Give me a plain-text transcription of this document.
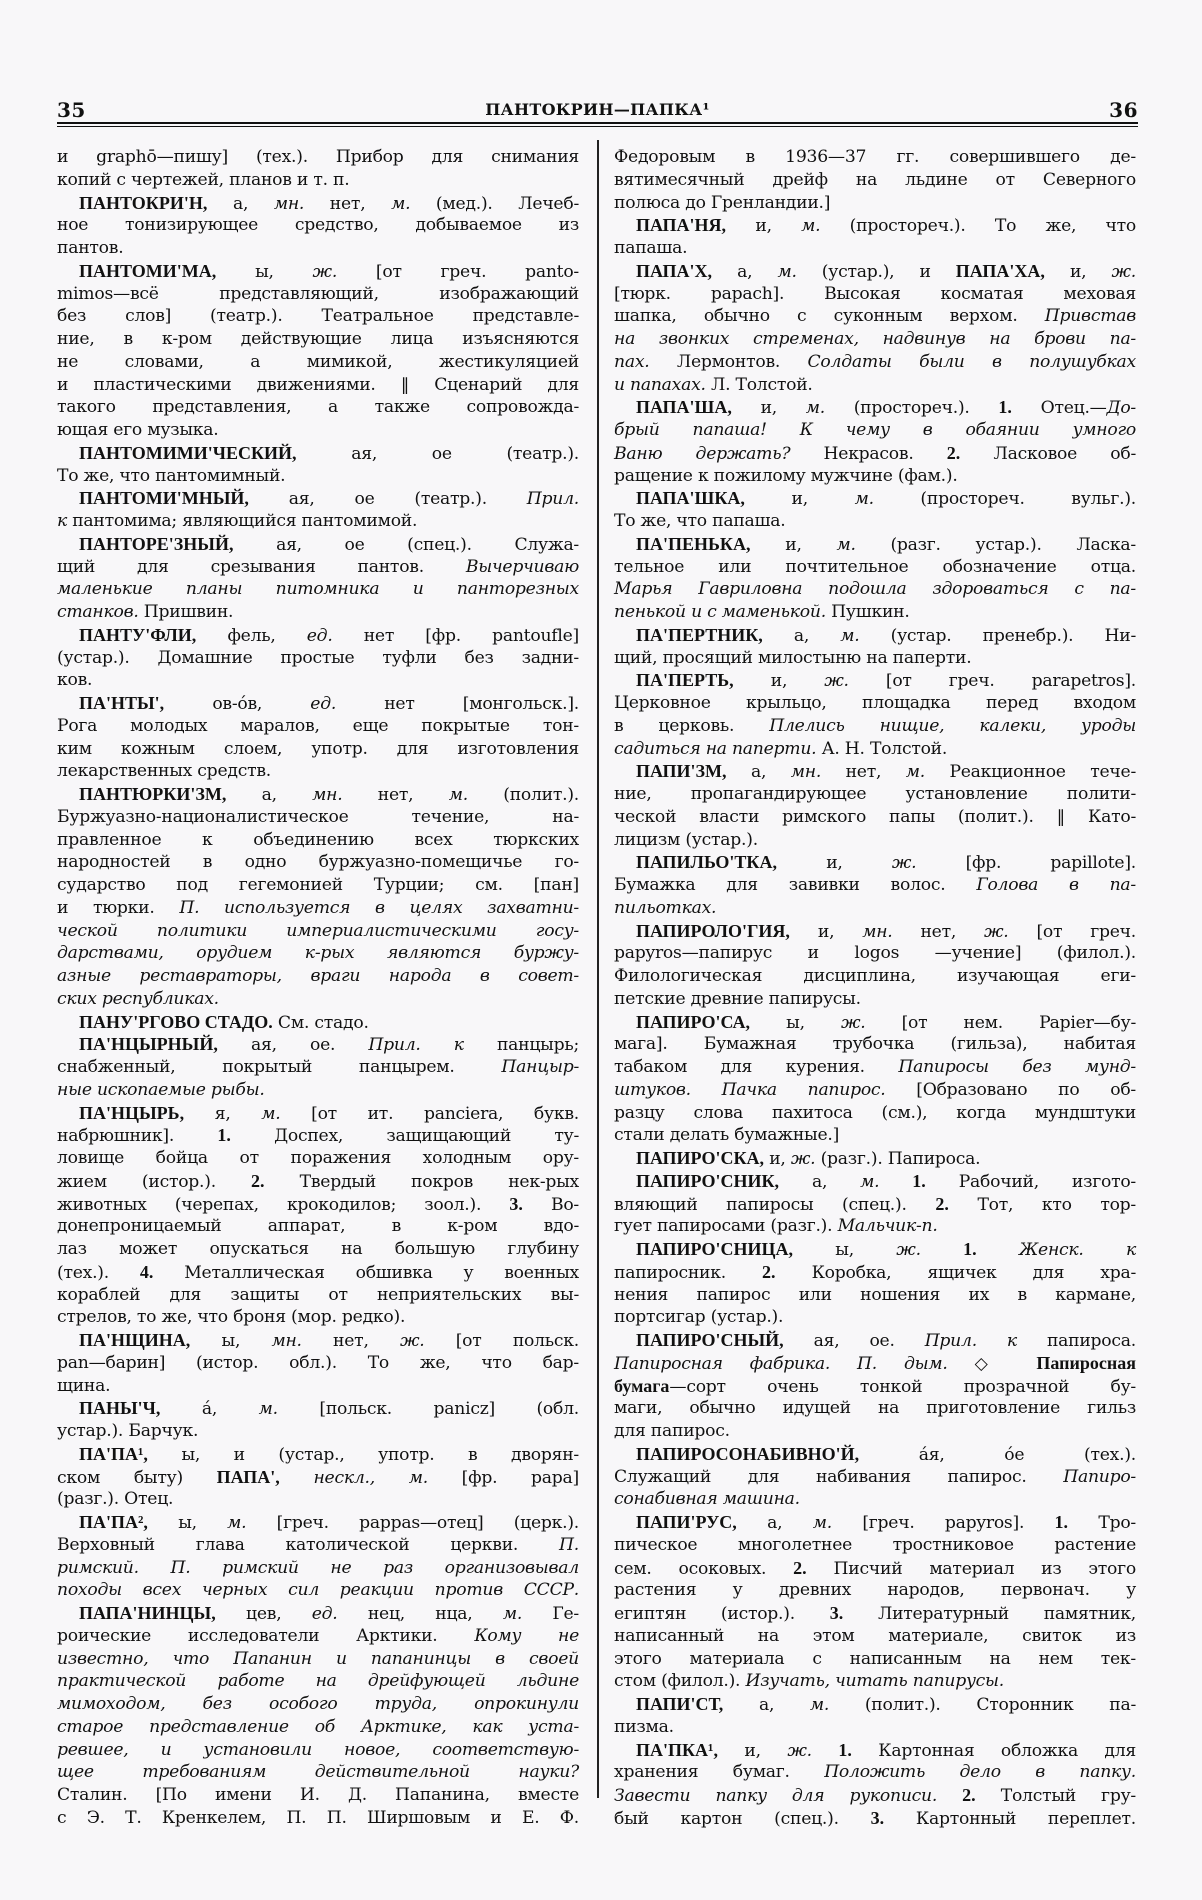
35	ПАНТОКРИН—ПАПКА¹	36
и graphō—пишу] (тех.). Прибор для снимания
копий с чертежей, планов и т. п.
ПАНТОКРИ'Н, а, мн. нет, м. (мед.). Лечеб-
ное тонизирующее средство, добываемое из
пантов.
ПАНТОМИ'МА, ы, ж. [от греч. panto-
mimos—всё представляющий, изображающий
без слов] (театр.). Театральное представле-
ние, в к-ром действующие лица изъясняются
не словами, а мимикой, жестикуляцией
и пластическими движениями. ‖ Сценарий для
такого представления, а также сопровожда-
ющая его музыка.
ПАНТОМИМИ'ЧЕСКИЙ, ая, ое (театр.).
То же, что пантомимный.
ПАНТОМИ'МНЫЙ, ая, ое (театр.). Прил.
к пантомима; являющийся пантомимой.
ПАНТОРЕ'ЗНЫЙ, ая, ое (спец.). Служа-
щий для срезывания пантов. Вычерчиваю
маленькие планы питомника и панторезных
станков. Пришвин.
ПАНТУ'ФЛИ, фель, ед. нет [фр. pantoufle]
(устар.). Домашние простые туфли без задни-
ков.
ПА'НТЫ', ов-óв, ед. нет [монгольск.].
Рога молодых маралов, еще покрытые тон-
ким кожным слоем, употр. для изготовления
лекарственных средств.
ПАНТЮРКИ'ЗМ, а, мн. нет, м. (полит.).
Буржуазно-националистическое течение, на-
правленное к объединению всех тюркских
народностей в одно буржуазно-помещичье го-
сударство под гегемонией Турции; см. [пан]
и тюрки. П. используется в целях захватни-
ческой политики империалистическими госу-
дарствами, орудием к-рых являются буржу-
азные реставраторы, враги народа в совет-
ских республиках.
ПАНУ'РГОВО СТАДО. См. стадо.
ПА'НЦЫРНЫЙ, ая, ое. Прил. к панцырь;
снабженный, покрытый панцырем. Панцыр-
ные ископаемые рыбы.
ПА'НЦЫРЬ, я, м. [от ит. panciera, букв.
набрюшник]. 1. Доспех, защищающий ту-
ловище бойца от поражения холодным ору-
жием (истор.). 2. Твердый покров нек-рых
животных (черепах, крокодилов; зоол.). 3. Во-
донепроницаемый аппарат, в к-ром вдо-
лаз может опускаться на большую глубину
(тех.). 4. Металлическая обшивка у военных
кораблей для защиты от неприятельских вы-
стрелов, то же, что броня (мор. редко).
ПА'НЩИНА, ы, мн. нет, ж. [от польск.
pan—барин] (истор. обл.). То же, что бар-
щина.
ПАНЫ'Ч, á, м. [польск. panicz] (обл.
устар.). Барчук.
ПА'ПА¹, ы, и (устар., употр. в дворян-
ском быту) ПАПА', нескл., м. [фр. papa]
(разг.). Отец.
ПА'ПА², ы, м. [греч. pappas—отец] (церк.).
Верховный глава католической церкви. П.
римский. П. римский не раз организовывал
походы всех черных сил реакции против СССР.
ПАПА'НИНЦЫ, цев, ед. нец, нца, м. Ге-
роические исследователи Арктики. Кому не
известно, что Папанин и папанинцы в своей
практической работе на дрейфующей льдине
мимоходом, без особого труда, опрокинули
старое представление об Арктике, как уста-
ревшее, и установили новое, соответствую-
щее требованиям действительной науки?
Сталин. [По имени И. Д. Папанина, вместе
с Э. Т. Кренкелем, П. П. Ширшовым и Е. Ф.
Федоровым в 1936—37 гг. совершившего де-
вятимесячный дрейф на льдине от Северного
полюса до Гренландии.]
ПАПА'НЯ, и, м. (простореч.). То же, что
папаша.
ПАПА'Х, а, м. (устар.), и ПАПА'ХА, и, ж.
[тюрк. papach]. Высокая косматая меховая
шапка, обычно с суконным верхом. Привстав
на звонких стременах, надвинув на брови па-
пах. Лермонтов. Солдаты были в полушубках
и папахах. Л. Толстой.
ПАПА'ША, и, м. (простореч.). 1. Отец.—До-
брый папаша! К чему в обаянии умного
Ваню держать? Некрасов. 2. Ласковое об-
ращение к пожилому мужчине (фам.).
ПАПА'ШКА, и, м. (простореч. вульг.).
То же, что папаша.
ПА'ПЕНЬКА, и, м. (разг. устар.). Ласка-
тельное или почтительное обозначение отца.
Марья Гавриловна подошла здороваться с па-
пенькой и с маменькой. Пушкин.
ПА'ПЕРТНИК, а, м. (устар. пренебр.). Ни-
щий, просящий милостыню на паперти.
ПА'ПЕРТЬ, и, ж. [от греч. parapetros].
Церковное крыльцо, площадка перед входом
в церковь. Плелись нищие, калеки, уроды
садиться на паперти. А. Н. Толстой.
ПАПИ'ЗМ, а, мн. нет, м. Реакционное тече-
ние, пропагандирующее установление полити-
ческой власти римского папы (полит.). ‖ Като-
лицизм (устар.).
ПАПИЛЬО'ТКА, и, ж. [фр. papillote].
Бумажка для завивки волос. Голова в па-
пильотках.
ПАПИРОЛО'ГИЯ, и, мн. нет, ж. [от греч.
papyros—папирус и logos —учение] (филол.).
Филологическая дисциплина, изучающая еги-
петские древние папирусы.
ПАПИРО'СА, ы, ж. [от нем. Papier—бу-
мага]. Бумажная трубочка (гильза), набитая
табаком для курения. Папиросы без мунд-
штуков. Пачка папирос. [Образовано по об-
разцу слова пахитоса (см.), когда мундштуки
стали делать бумажные.]
ПАПИРО'СКА, и, ж. (разг.). Папироса.
ПАПИРО'СНИК, а, м. 1. Рабочий, изгото-
вляющий папиросы (спец.). 2. Тот, кто тор-
гует папиросами (разг.). Мальчик-п.
ПАПИРО'СНИЦА, ы, ж. 1. Женск. к
папиросник. 2. Коробка, ящичек для хра-
нения папирос или ношения их в кармане,
портсигар (устар.).
ПАПИРО'СНЫЙ, ая, ое. Прил. к папироса.
Папиросная фабрика. П. дым. ◇ Папиросная
бумага—сорт очень тонкой прозрачной бу-
маги, обычно идущей на приготовление гильз
для папирос.
ПАПИРОСОНАБИВНО'Й, áя, óе (тех.).
Служащий для набивания папирос. Папиро-
сонабивная машина.
ПАПИ'РУС, а, м. [греч. papyros]. 1. Тро-
пическое многолетнее тростниковое растение
сем. осоковых. 2. Писчий материал из этого
растения у древних народов, первонач. у
египтян (истор.). 3. Литературный памятник,
написанный на этом материале, свиток из
этого материала с написанным на нем тек-
стом (филол.). Изучать, читать папирусы.
ПАПИ'СТ, а, м. (полит.). Сторонник па-
пизма.
ПА'ПКА¹, и, ж. 1. Картонная обложка для
хранения бумаг. Положить дело в папку.
Завести папку для рукописи. 2. Толстый гру-
бый картон (спец.). 3. Картонный переплет.
